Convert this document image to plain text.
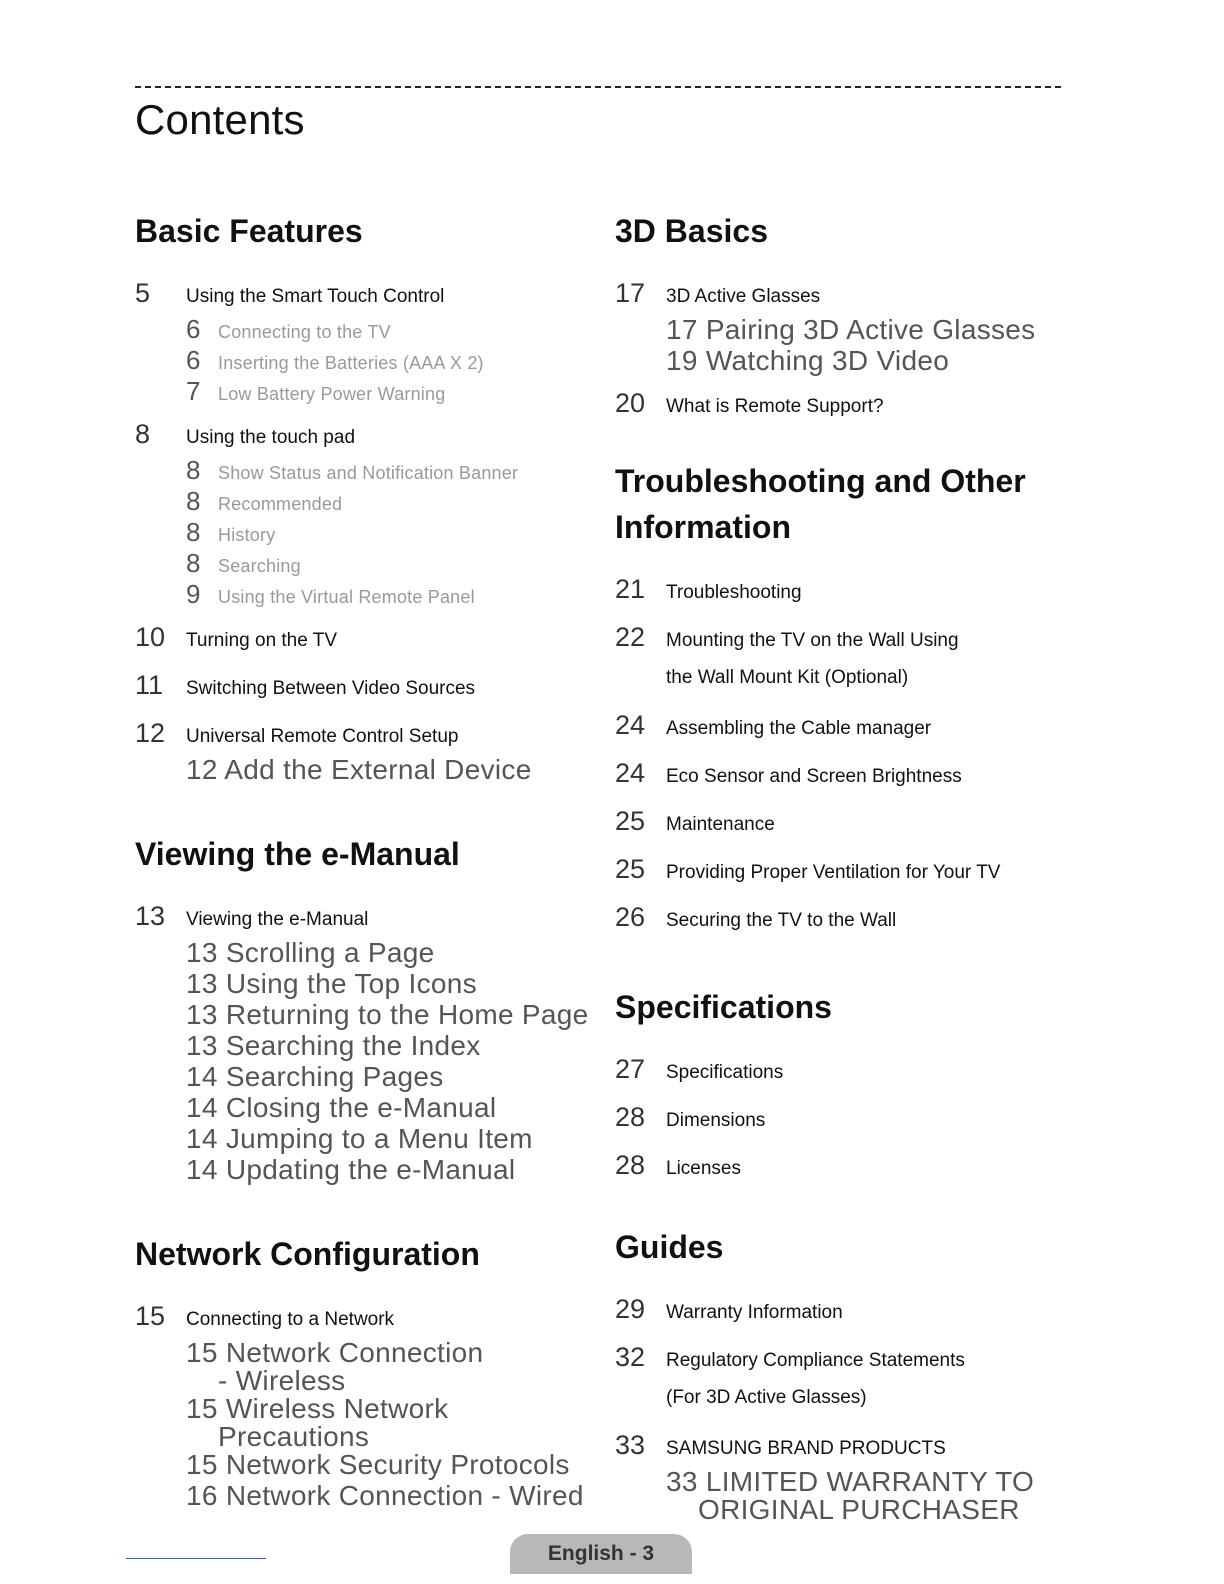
Contents
Basic Features
5	Using the Smart Touch Control
6 Connecting to the TV
6 Inserting the Batteries (AAA X 2)
7 Low Battery Power Warning
8	Using the touch pad
8 Show Status and Notification Banner
8 Recommended
8 History
8 Searching
9 Using the Virtual Remote Panel
10	Turning on the TV
11	Switching Between Video Sources
12	Universal Remote Control Setup
12 Add the External Device
Viewing the e-Manual
13	Viewing the e-Manual
13 Scrolling a Page
13 Using the Top Icons
13 Returning to the Home Page
13 Searching the Index
14 Searching Pages
14 Closing the e-Manual
14 Jumping to a Menu Item
14 Updating the e-Manual
Network Configuration
15	Connecting to a Network
15 Network Connection
- Wireless
15 Wireless Network
Precautions
15 Network Security Protocols
16 Network Connection - Wired
3D Basics
17	3D Active Glasses
17 Pairing 3D Active Glasses
19 Watching 3D Video
20	What is Remote Support?
Troubleshooting and Other Information
21	Troubleshooting
22	Mounting the TV on the Wall Using
the Wall Mount Kit (Optional)
24	Assembling the Cable manager
24	Eco Sensor and Screen Brightness
25	Maintenance
25	Providing Proper Ventilation for Your TV
26	Securing the TV to the Wall
Specifications
27	Specifications
28	Dimensions
28	Licenses
Guides
29	Warranty Information
32	Regulatory Compliance Statements
(For 3D Active Glasses)
33	SAMSUNG BRAND PRODUCTS
33 LIMITED WARRANTY TO
ORIGINAL PURCHASER
English - 3
